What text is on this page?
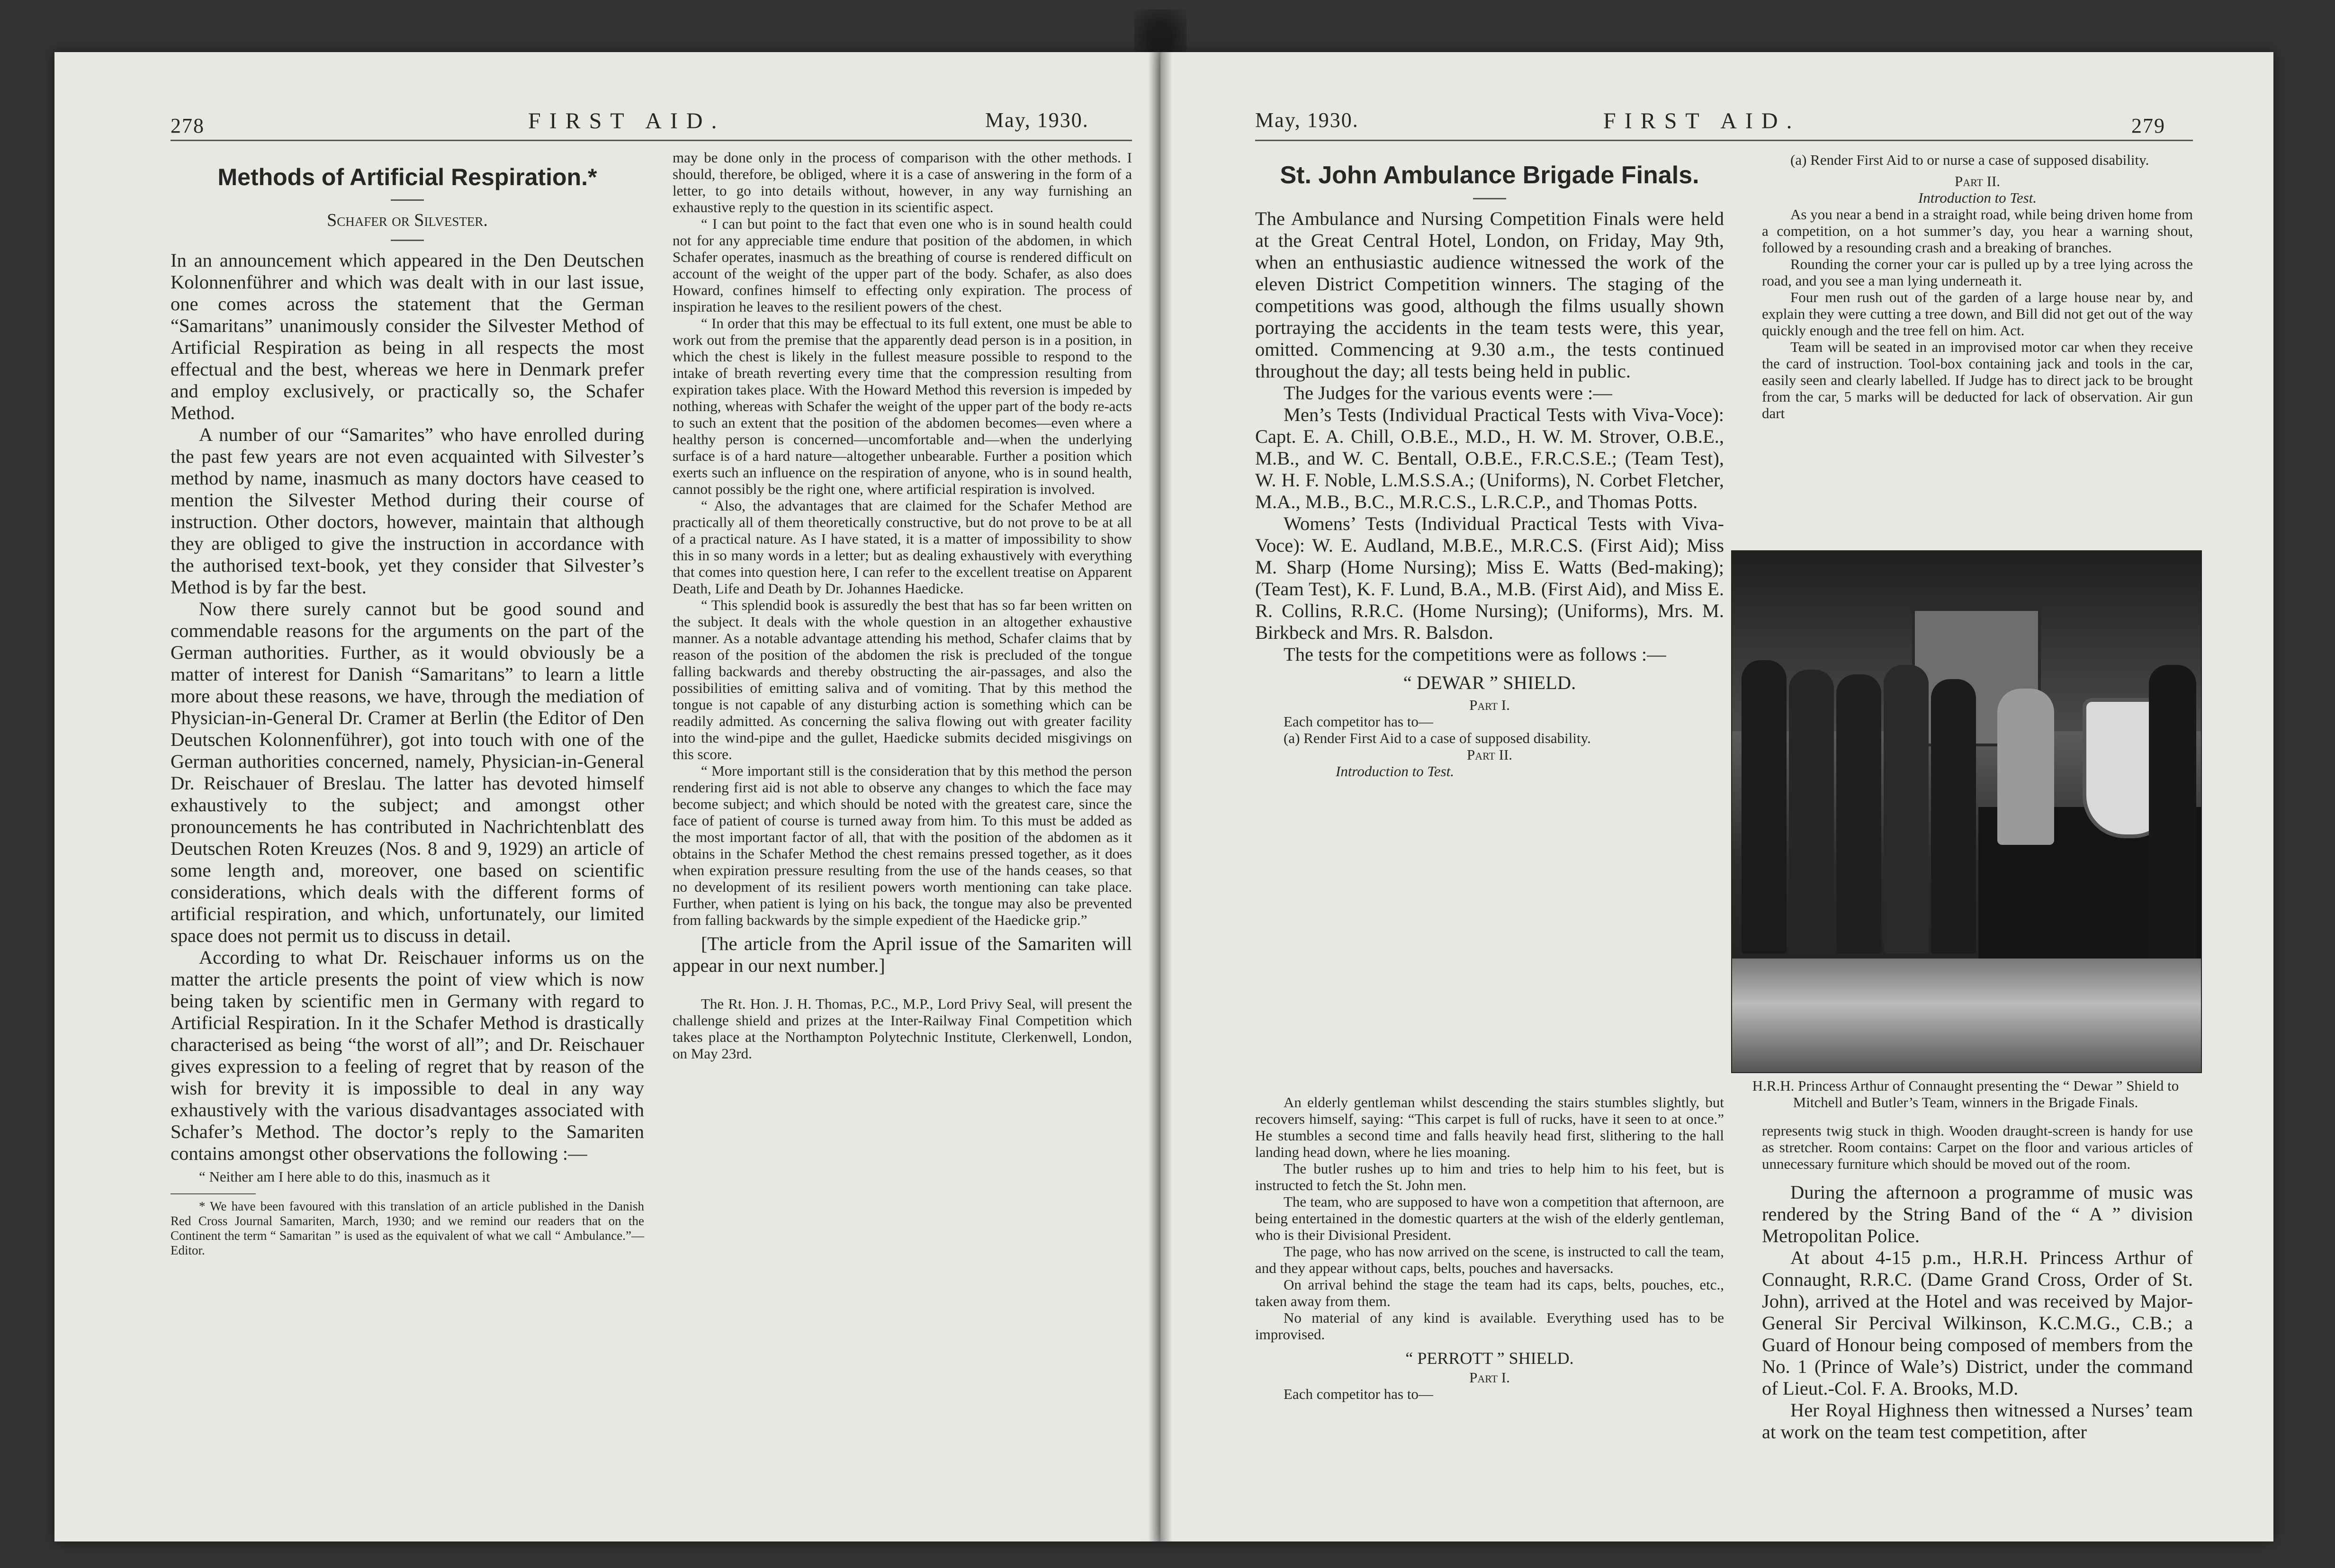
278	FIRST AID.	May, 1930.
Methods of Artificial Respiration.*
Schafer or Silvester.

In an announcement which appeared in the Den Deutschen Kolonnenführer and which was dealt with in our last issue, one comes across the statement that the German “Samaritans” unanimously consider the Silvester Method of Artificial Respiration as being in all respects the most effectual and the best, whereas we here in Denmark prefer and employ exclusively, or practically so, the Schafer Method.

A number of our “Samarites” who have enrolled during the past few years are not even acquainted with Silvester’s method by name, inasmuch as many doctors have ceased to mention the Silvester Method during their course of instruction. Other doctors, however, maintain that although they are obliged to give the instruction in accordance with the authorised text-book, yet they consider that Silvester’s Method is by far the best.

Now there surely cannot but be good sound and commendable reasons for the arguments on the part of the German authorities. Further, as it would obviously be a matter of interest for Danish “Samaritans” to learn a little more about these reasons, we have, through the mediation of Physician-in-General Dr. Cramer at Berlin (the Editor of Den Deutschen Kolonnenführer), got into touch with one of the German authorities concerned, namely, Physician-in-General Dr. Reischauer of Breslau. The latter has devoted himself exhaustively to the subject; and amongst other pronouncements he has contributed in Nachrichtenblatt des Deutschen Roten Kreuzes (Nos. 8 and 9, 1929) an article of some length and, moreover, one based on scientific considerations, which deals with the different forms of artificial respiration, and which, unfortunately, our limited space does not permit us to discuss in detail.

According to what Dr. Reischauer informs us on the matter the article presents the point of view which is now being taken by scientific men in Germany with regard to Artificial Respiration. In it the Schafer Method is drastically characterised as being “the worst of all”; and Dr. Reischauer gives expression to a feeling of regret that by reason of the wish for brevity it is impossible to deal in any way exhaustively with the various disadvantages associated with Schafer’s Method. The doctor’s reply to the Samariten contains amongst other observations the following :—

“ Neither am I here able to do this, inasmuch as it

* We have been favoured with this translation of an article published in the Danish Red Cross Journal Samariten, March, 1930; and we remind our readers that on the Continent the term “ Samaritan ” is used as the equivalent of what we call “ Ambulance.”—Editor.

may be done only in the process of comparison with the other methods. I should, therefore, be obliged, where it is a case of answering in the form of a letter, to go into details without, however, in any way furnishing an exhaustive reply to the question in its scientific aspect.

“ I can but point to the fact that even one who is in sound health could not for any appreciable time endure that position of the abdomen, in which Schafer operates, inasmuch as the breathing of course is rendered difficult on account of the weight of the upper part of the body. Schafer, as also does Howard, confines himself to effecting only expiration. The process of inspiration he leaves to the resilient powers of the chest.

“ In order that this may be effectual to its full extent, one must be able to work out from the premise that the apparently dead person is in a position, in which the chest is likely in the fullest measure possible to respond to the intake of breath reverting every time that the compression resulting from expiration takes place. With the Howard Method this reversion is impeded by nothing, whereas with Schafer the weight of the upper part of the body re-acts to such an extent that the position of the abdomen becomes—even where a healthy person is concerned—uncomfortable and—when the underlying surface is of a hard nature—altogether unbearable. Further a position which exerts such an influence on the respiration of anyone, who is in sound health, cannot possibly be the right one, where artificial respiration is involved.

“ Also, the advantages that are claimed for the Schafer Method are practically all of them theoretically constructive, but do not prove to be at all of a practical nature. As I have stated, it is a matter of impossibility to show this in so many words in a letter; but as dealing exhaustively with everything that comes into question here, I can refer to the excellent treatise on Apparent Death, Life and Death by Dr. Johannes Haedicke.

“ This splendid book is assuredly the best that has so far been written on the subject. It deals with the whole question in an altogether exhaustive manner. As a notable advantage attending his method, Schafer claims that by reason of the position of the abdomen the risk is precluded of the tongue falling backwards and thereby obstructing the air-passages, and also the possibilities of emitting saliva and of vomiting. That by this method the tongue is not capable of any disturbing action is something which can be readily admitted. As concerning the saliva flowing out with greater facility into the wind-pipe and the gullet, Haedicke submits decided misgivings on this score.

“ More important still is the consideration that by this method the person rendering first aid is not able to observe any changes to which the face may become subject; and which should be noted with the greatest care, since the face of patient of course is turned away from him. To this must be added as the most important factor of all, that with the position of the abdomen as it obtains in the Schafer Method the chest remains pressed together, as it does when expiration pressure resulting from the use of the hands ceases, so that no development of its resilient powers worth mentioning can take place. Further, when patient is lying on his back, the tongue may also be prevented from falling backwards by the simple expedient of the Haedicke grip.”

[The article from the April issue of the Samariten will appear in our next number.]

The Rt. Hon. J. H. Thomas, P.C., M.P., Lord Privy Seal, will present the challenge shield and prizes at the Inter-Railway Final Competition which takes place at the Northampton Polytechnic Institute, Clerkenwell, London, on May 23rd.

May, 1930.	FIRST AID.	279
St. John Ambulance Brigade Finals.

The Ambulance and Nursing Competition Finals were held at the Great Central Hotel, London, on Friday, May 9th, when an enthusiastic audience witnessed the work of the eleven District Competition winners. The staging of the competitions was good, although the films usually shown portraying the accidents in the team tests were, this year, omitted. Commencing at 9.30 a.m., the tests continued throughout the day; all tests being held in public.

The Judges for the various events were :—

Men’s Tests (Individual Practical Tests with Viva-Voce): Capt. E. A. Chill, O.B.E., M.D., H. W. M. Strover, O.B.E., M.B., and W. C. Bentall, O.B.E., F.R.C.S.E.; (Team Test), W. H. F. Noble, L.M.S.S.A.; (Uniforms), N. Corbet Fletcher, M.A., M.B., B.C., M.R.C.S., L.R.C.P., and Thomas Potts.

Womens’ Tests (Individual Practical Tests with Viva-Voce): W. E. Audland, M.B.E., M.R.C.S. (First Aid); Miss M. Sharp (Home Nursing); Miss E. Watts (Bed-making); (Team Test), K. F. Lund, B.A., M.B. (First Aid), and Miss E. R. Collins, R.R.C. (Home Nursing); (Uniforms), Mrs. M. Birkbeck and Mrs. R. Balsdon.

The tests for the competitions were as follows :—

“ DEWAR ” SHIELD.
Part I.

Each competitor has to—

(a) Render First Aid to a case of supposed disability.

Part II.
Introduction to Test.

An elderly gentleman whilst descending the stairs stumbles slightly, but recovers himself, saying: “This carpet is full of rucks, have it seen to at once.” He stumbles a second time and falls heavily head first, slithering to the hall landing head down, where he lies moaning.

The butler rushes up to him and tries to help him to his feet, but is instructed to fetch the St. John men.

The team, who are supposed to have won a competition that afternoon, are being entertained in the domestic quarters at the wish of the elderly gentleman, who is their Divisional President.

The page, who has now arrived on the scene, is instructed to call the team, and they appear without caps, belts, pouches and haversacks.

On arrival behind the stage the team had its caps, belts, pouches, etc., taken away from them.

No material of any kind is available. Everything used has to be improvised.

“ PERROTT ” SHIELD.
Part I.

Each competitor has to—

(a) Render First Aid to or nurse a case of supposed disability.

Part II.
Introduction to Test.

As you near a bend in a straight road, while being driven home from a competition, on a hot summer’s day, you hear a warning shout, followed by a resounding crash and a breaking of branches.

Rounding the corner your car is pulled up by a tree lying across the road, and you see a man lying underneath it.

Four men rush out of the garden of a large house near by, and explain they were cutting a tree down, and Bill did not get out of the way quickly enough and the tree fell on him. Act.

Team will be seated in an improvised motor car when they receive the card of instruction. Tool-box containing jack and tools in the car, easily seen and clearly labelled. If Judge has to direct jack to be brought from the car, 5 marks will be deducted for lack of observation. Air gun dart

H.R.H. Princess Arthur of Connaught presenting the “ Dewar ” Shield to Mitchell and Butler’s Team, winners in the Brigade Finals.

represents twig stuck in thigh. Wooden draught-screen is handy for use as stretcher. Room contains: Carpet on the floor and various articles of unnecessary furniture which should be moved out of the room.

During the afternoon a programme of music was rendered by the String Band of the “ A ” division Metropolitan Police.

At about 4-15 p.m., H.R.H. Princess Arthur of Connaught, R.R.C. (Dame Grand Cross, Order of St. John), arrived at the Hotel and was received by Major-General Sir Percival Wilkinson, K.C.M.G., C.B.; a Guard of Honour being composed of members from the No. 1 (Prince of Wale’s) District, under the command of Lieut.-Col. F. A. Brooks, M.D.

Her Royal Highness then witnessed a Nurses’ team at work on the team test competition, after
